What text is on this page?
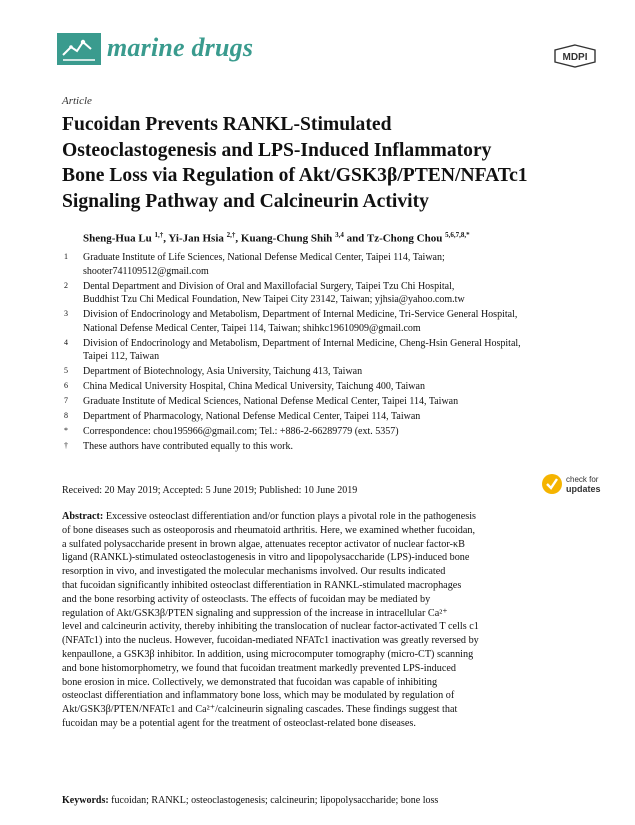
marine drugs	MDPI
Article
Fucoidan Prevents RANKL-Stimulated
Osteoclastogenesis and LPS-Induced Inflammatory
Bone Loss via Regulation of Akt/GSK3β/PTEN/NFATc1
Signaling Pathway and Calcineurin Activity
Sheng-Hua Lu $^{1,\dagger}$, Yi-Jan Hsia $^{2,\dagger}$, Kuang-Chung Shih $^{3,4}$ and Tz-Chong Chou $^{5,6,7,8,*}$
1	Graduate Institute of Life Sciences, National Defense Medical Center, Taipei 114, Taiwan;
shooter741109512@gmail.com
2	Dental Department and Division of Oral and Maxillofacial Surgery, Taipei Tzu Chi Hospital,
Buddhist Tzu Chi Medical Foundation, New Taipei City 23142, Taiwan; yjhsia@yahoo.com.tw
3	Division of Endocrinology and Metabolism, Department of Internal Medicine, Tri-Service General Hospital,
National Defense Medical Center, Taipei 114, Taiwan; shihkc19610909@gmail.com
4	Division of Endocrinology and Metabolism, Department of Internal Medicine, Cheng-Hsin General Hospital,
Taipei 112, Taiwan
5	Department of Biotechnology, Asia University, Taichung 413, Taiwan
6	China Medical University Hospital, China Medical University, Taichung 400, Taiwan
7	Graduate Institute of Medical Sciences, National Defense Medical Center, Taipei 114, Taiwan
8	Department of Pharmacology, National Defense Medical Center, Taipei 114, Taiwan
*	Correspondence: chou195966@gmail.com; Tel.: +886-2-66289779 (ext. 5357)
†	These authors have contributed equally to this work.
Received: 20 May 2019; Accepted: 5 June 2019; Published: 10 June 2019
check for
updates
Abstract: Excessive osteoclast differentiation and/or function plays a pivotal role in the pathogenesis
of bone diseases such as osteoporosis and rheumatoid arthritis. Here, we examined whether fucoidan,
a sulfated polysaccharide present in brown algae, attenuates receptor activator of nuclear factor-κB
ligand (RANKL)-stimulated osteoclastogenesis in vitro and lipopolysaccharide (LPS)-induced bone
resorption in vivo, and investigated the molecular mechanisms involved. Our results indicated
that fucoidan significantly inhibited osteoclast differentiation in RANKL-stimulated macrophages
and the bone resorbing activity of osteoclasts. The effects of fucoidan may be mediated by
regulation of Akt/GSK3β/PTEN signaling and suppression of the increase in intracellular Ca²⁺
level and calcineurin activity, thereby inhibiting the translocation of nuclear factor-activated T cells c1
(NFATc1) into the nucleus. However, fucoidan-mediated NFATc1 inactivation was greatly reversed by
kenpaullone, a GSK3β inhibitor. In addition, using microcomputer tomography (micro-CT) scanning
and bone histomorphometry, we found that fucoidan treatment markedly prevented LPS-induced
bone erosion in mice. Collectively, we demonstrated that fucoidan was capable of inhibiting
osteoclast differentiation and inflammatory bone loss, which may be modulated by regulation of
Akt/GSK3β/PTEN/NFATc1 and Ca²⁺/calcineurin signaling cascades. These findings suggest that
fucoidan may be a potential agent for the treatment of osteoclast-related bone diseases.
Keywords: fucoidan; RANKL; osteoclastogenesis; calcineurin; lipopolysaccharide; bone loss
